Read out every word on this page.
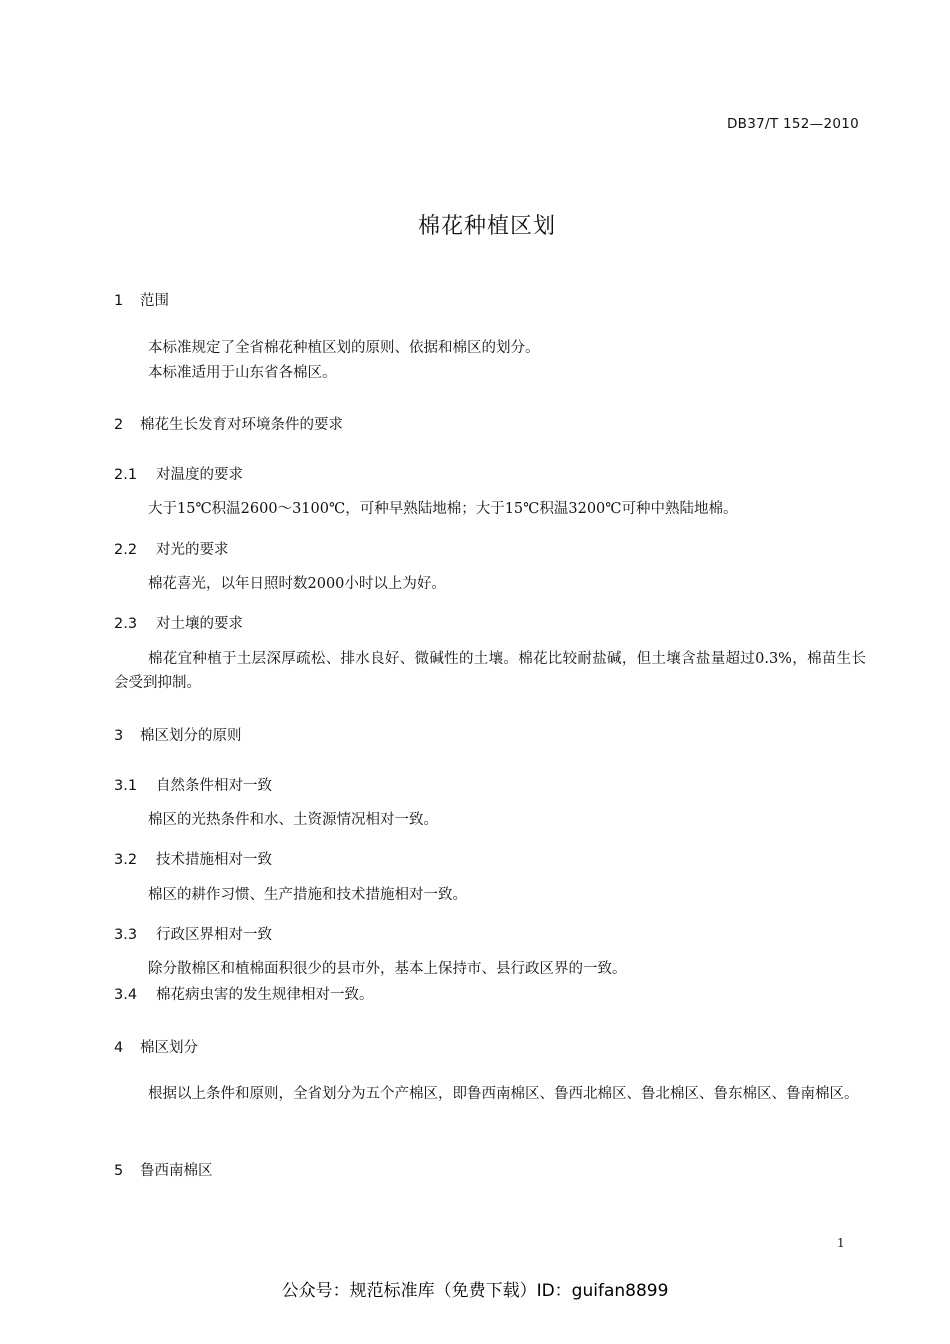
DB37/T 152—2010
棉花种植区划
1 范围
本标准规定了全省棉花种植区划的原则、依据和棉区的划分。
本标准适用于山东省各棉区。
2 棉花生长发育对环境条件的要求
2.1 对温度的要求
大于15℃积温2600～3100℃，可种早熟陆地棉；大于15℃积温3200℃可种中熟陆地棉。
2.2 对光的要求
棉花喜光，以年日照时数2000小时以上为好。
2.3 对土壤的要求
棉花宜种植于土层深厚疏松、排水良好、微碱性的土壤。棉花比较耐盐碱，但土壤含盐量超过0.3%，棉苗生长会受到抑制。
3 棉区划分的原则
3.1 自然条件相对一致
棉区的光热条件和水、土资源情况相对一致。
3.2 技术措施相对一致
棉区的耕作习惯、生产措施和技术措施相对一致。
3.3 行政区界相对一致
除分散棉区和植棉面积很少的县市外，基本上保持市、县行政区界的一致。
3.4 棉花病虫害的发生规律相对一致。
4 棉区划分
根据以上条件和原则，全省划分为五个产棉区，即鲁西南棉区、鲁西北棉区、鲁北棉区、鲁东棉区、鲁南棉区。
5 鲁西南棉区
1
公众号：规范标准库（免费下载）ID：guifan8899
